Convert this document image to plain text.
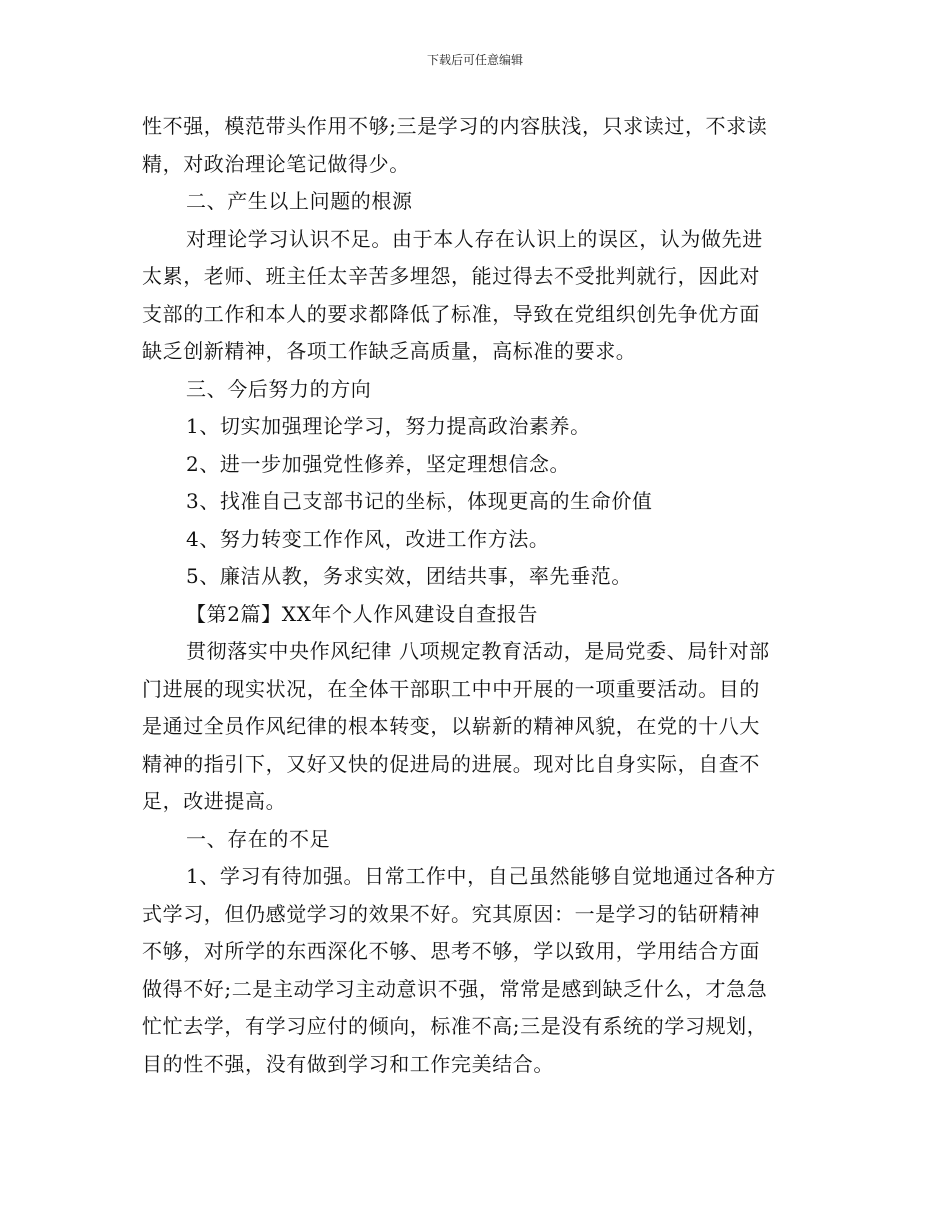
下载后可任意编辑

性不强，模范带头作用不够;三是学习的内容肤浅，只求读过，不求读

精，对政治理论笔记做得少。

二、产生以上问题的根源

对理论学习认识不足。由于本人存在认识上的误区，认为做先进

太累，老师、班主任太辛苦多埋怨，能过得去不受批判就行，因此对

支部的工作和本人的要求都降低了标准，导致在党组织创先争优方面

缺乏创新精神，各项工作缺乏高质量，高标准的要求。

三、今后努力的方向

1、切实加强理论学习，努力提高政治素养。

2、进一步加强党性修养，坚定理想信念。

3、找准自己支部书记的坐标，体现更高的生命价值

4、努力转变工作作风，改进工作方法。

5、廉洁从教，务求实效，团结共事，率先垂范。

【第2篇】XX年个人作风建设自查报告

贯彻落实中央作风纪律 八项规定教育活动，是局党委、局针对部

门进展的现实状况，在全体干部职工中中开展的一项重要活动。目的

是通过全员作风纪律的根本转变，以崭新的精神风貌，在党的十八大

精神的指引下，又好又快的促进局的进展。现对比自身实际，自查不

足，改进提高。

一、存在的不足

1、学习有待加强。日常工作中，自己虽然能够自觉地通过各种方

式学习，但仍感觉学习的效果不好。究其原因：一是学习的钻研精神

不够，对所学的东西深化不够、思考不够，学以致用，学用结合方面

做得不好;二是主动学习主动意识不强，常常是感到缺乏什么，才急急

忙忙去学，有学习应付的倾向，标准不高;三是没有系统的学习规划，

目的性不强，没有做到学习和工作完美结合。
